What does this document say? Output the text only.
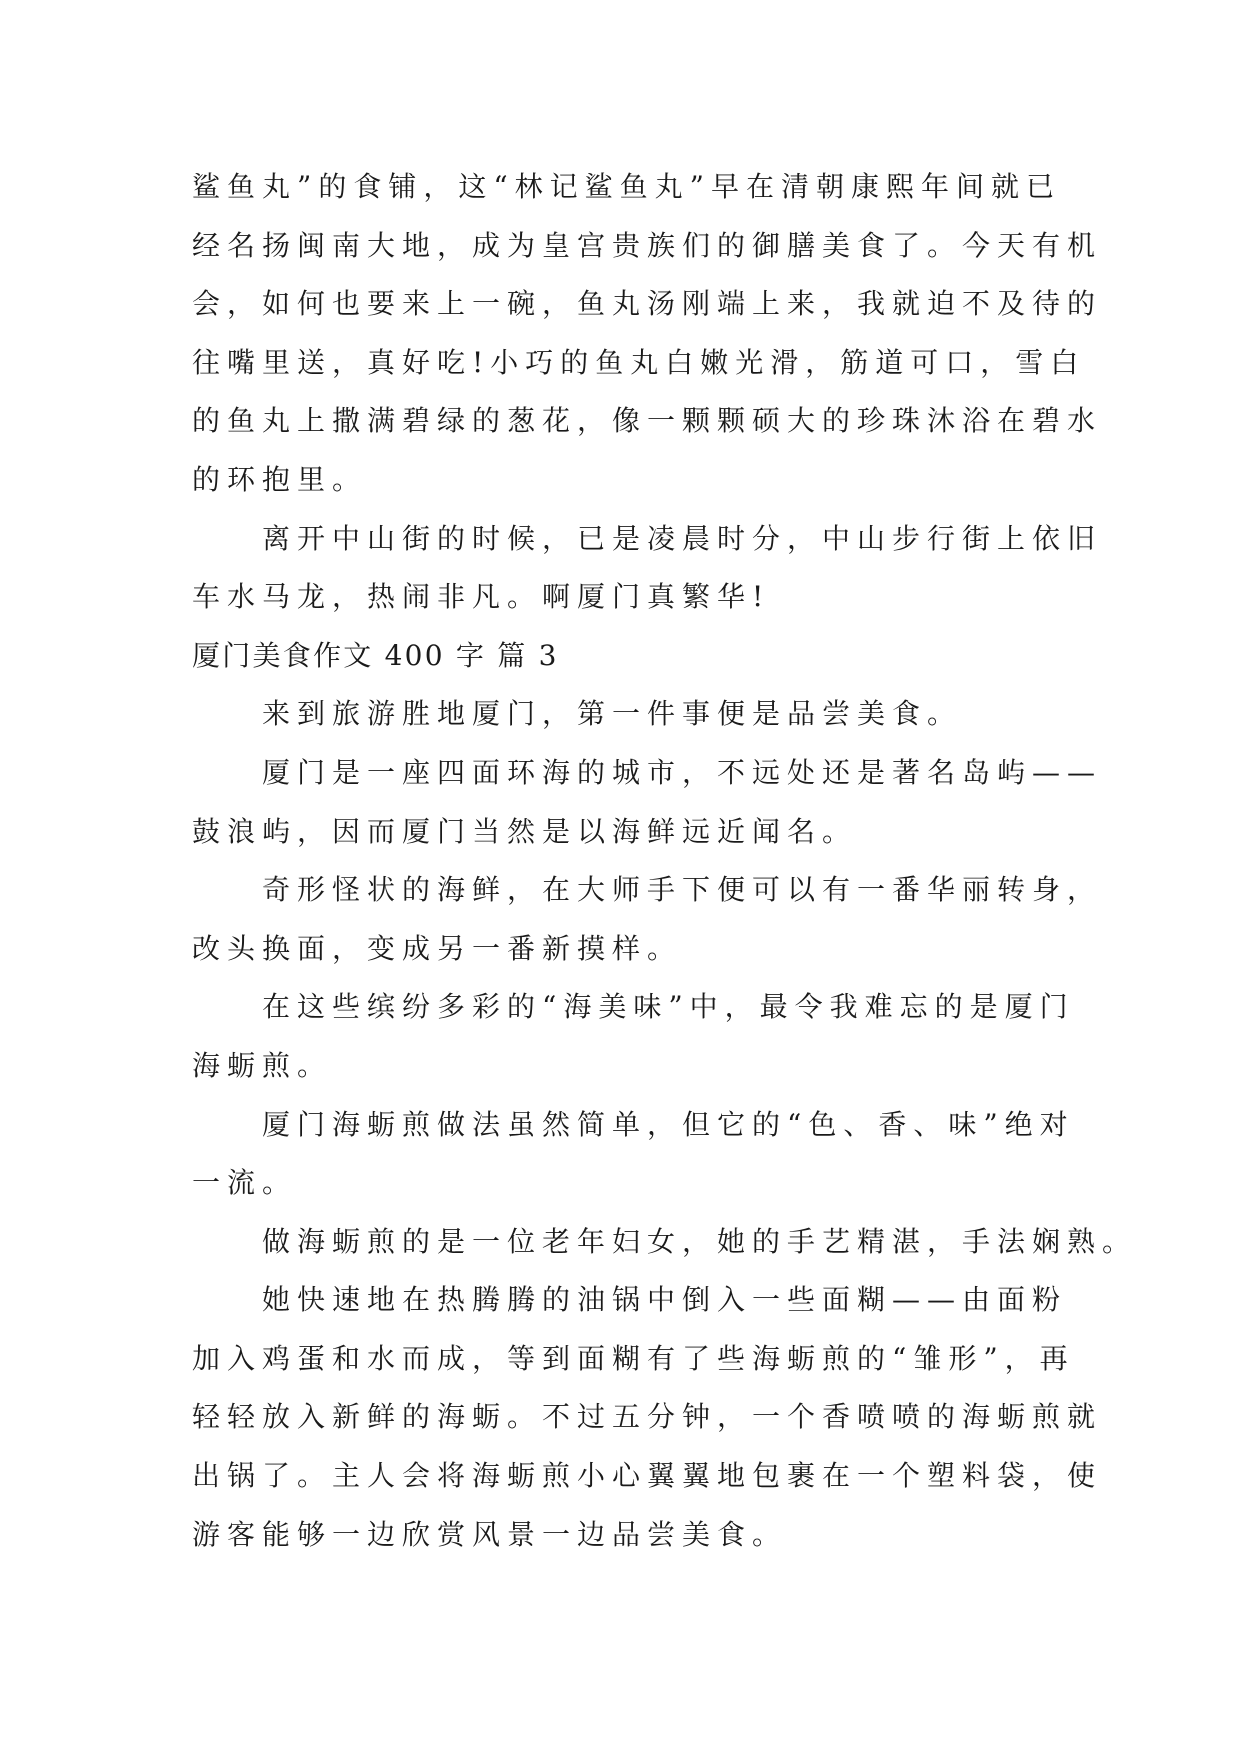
鲨鱼丸”的食铺，这“林记鲨鱼丸”早在清朝康熙年间就已

经名扬闽南大地，成为皇宫贵族们的御膳美食了。今天有机

会，如何也要来上一碗，鱼丸汤刚端上来，我就迫不及待的

往嘴里送，真好吃!小巧的鱼丸白嫩光滑，筋道可口，雪白

的鱼丸上撒满碧绿的葱花，像一颗颗硕大的珍珠沐浴在碧水

的环抱里。

离开中山街的时候，已是凌晨时分，中山步行街上依旧

车水马龙，热闹非凡。啊厦门真繁华!

厦门美食作文 400 字 篇 3

来到旅游胜地厦门，第一件事便是品尝美食。

厦门是一座四面环海的城市，不远处还是著名岛屿——

鼓浪屿，因而厦门当然是以海鲜远近闻名。

奇形怪状的海鲜，在大师手下便可以有一番华丽转身，

改头换面，变成另一番新摸样。

在这些缤纷多彩的“海美味”中，最令我难忘的是厦门

海蛎煎。

厦门海蛎煎做法虽然简单，但它的“色、香、味”绝对

一流。

做海蛎煎的是一位老年妇女，她的手艺精湛，手法娴熟。

她快速地在热腾腾的油锅中倒入一些面糊——由面粉

加入鸡蛋和水而成，等到面糊有了些海蛎煎的“雏形”，再

轻轻放入新鲜的海蛎。不过五分钟，一个香喷喷的海蛎煎就

出锅了。主人会将海蛎煎小心翼翼地包裹在一个塑料袋，使

游客能够一边欣赏风景一边品尝美食。
